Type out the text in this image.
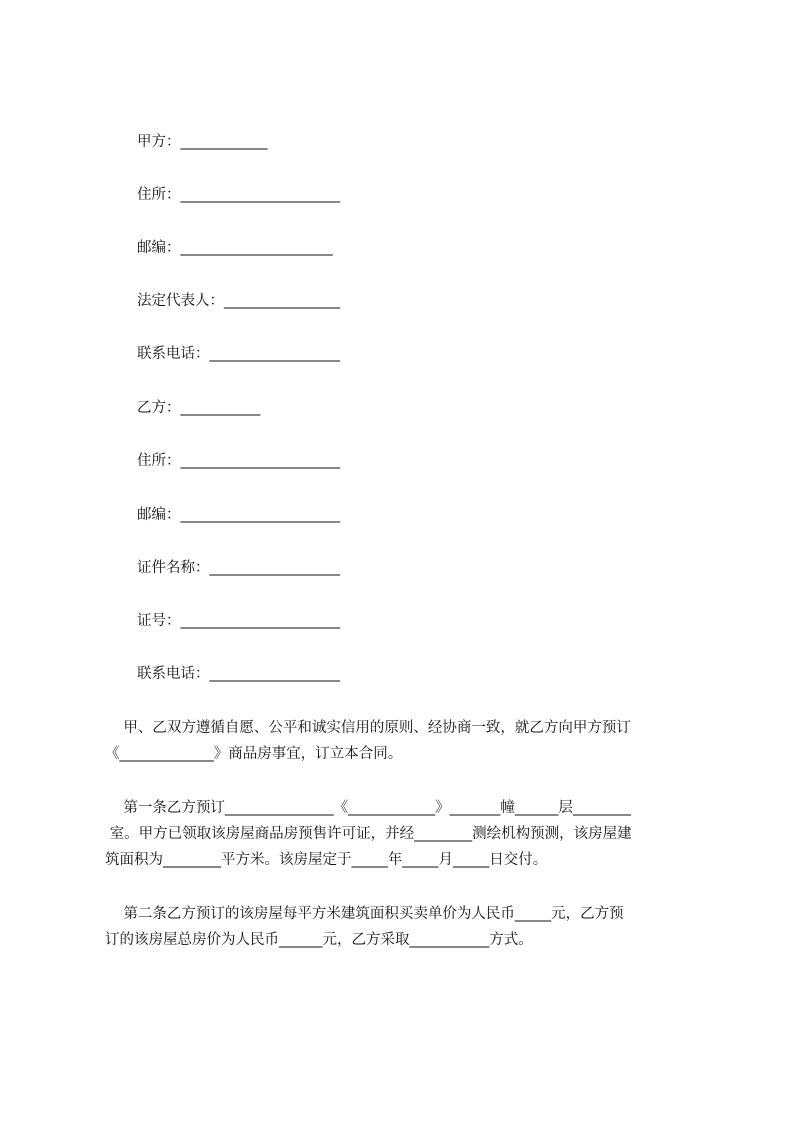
甲方：____________
住所：______________________
邮编：_____________________
法定代表人：________________
联系电话：__________________
乙方：___________
住所：______________________
邮编：______________________
证件名称：__________________
证号：______________________
联系电话：__________________

甲、乙双方遵循自愿、公平和诚实信用的原则、经协商一致，就乙方向甲方预订

《_____________》商品房事宜，订立本合同。

第一条乙方预订_______________《____________》_______幢______层________

室。甲方已领取该房屋商品房预售许可证，并经________测绘机构预测，该房屋建

筑面积为________平方米。该房屋定于_____年_____月_____日交付。

第二条乙方预订的该房屋每平方米建筑面积买卖单价为人民币_____元，乙方预

订的该房屋总房价为人民币______元，乙方采取___________方式。
